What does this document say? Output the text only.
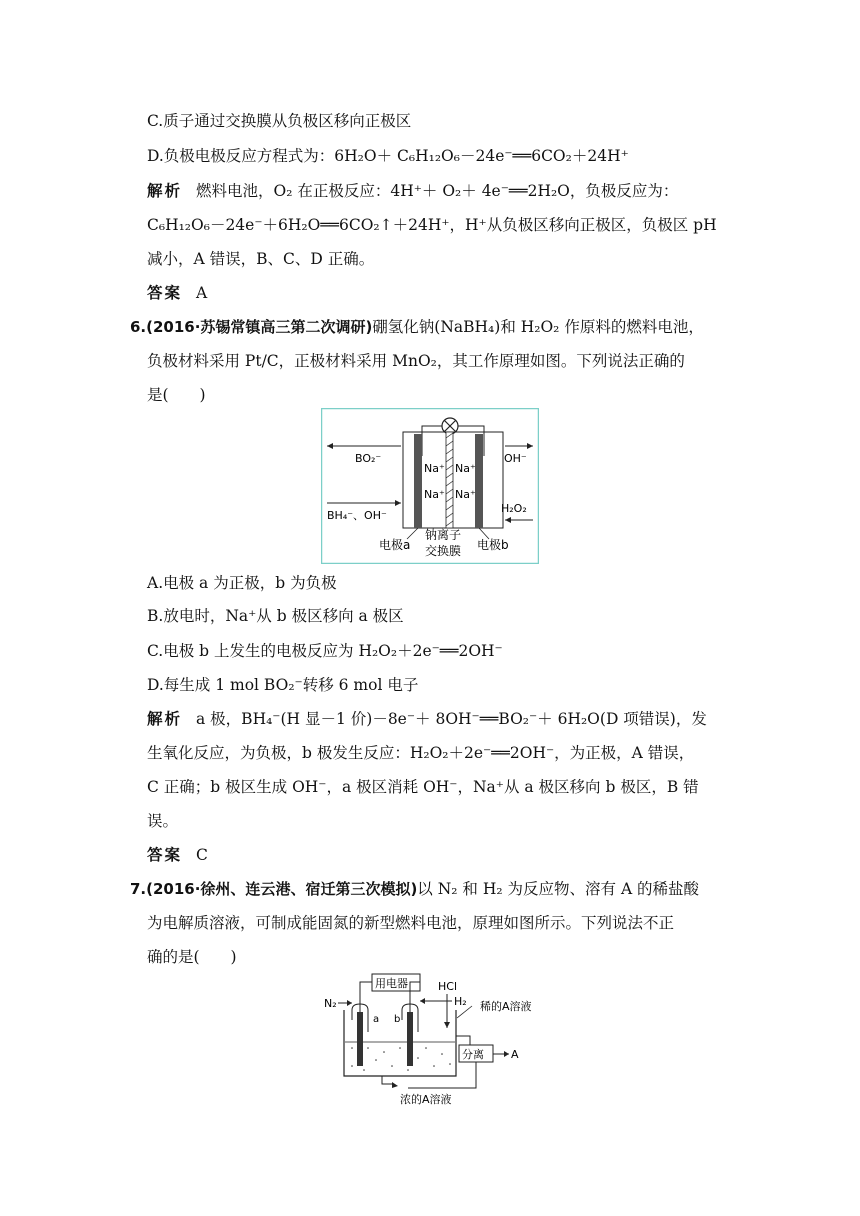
C.质子通过交换膜从负极区移向正极区
D.负极电极反应方程式为：6H₂O＋ C₆H₁₂O₆－24e⁻══6CO₂＋24H⁺
解析 燃料电池，O₂ 在正极反应：4H⁺＋ O₂＋ 4e⁻══2H₂O，负极反应为：
C₆H₁₂O₆－24e⁻＋6H₂O══6CO₂↑＋24H⁺，H⁺从负极区移向正极区，负极区 pH
减小，A 错误，B、C、D 正确。
答案 A
6.(2016·苏锡常镇高三第二次调研)硼氢化钠(NaBH₄)和 H₂O₂ 作原料的燃料电池，
负极材料采用 Pt/C，正极材料采用 MnO₂，其工作原理如图。下列说法正确的
是(　　)
Na⁺ Na⁺
Na⁺ Na⁺
BO₂⁻
BH₄⁻、OH⁻
OH⁻
H₂O₂
电极a
钠离子
交换膜 电极b
A.电极 a 为正极，b 为负极
B.放电时，Na⁺从 b 极区移向 a 极区
C.电极 b 上发生的电极反应为 H₂O₂＋2e⁻══2OH⁻
D.每生成 1 mol BO₂⁻转移 6 mol 电子
解析 a 极，BH₄⁻(H 显－1 价)－8e⁻＋ 8OH⁻══BO₂⁻＋ 6H₂O(D 项错误)，发
生氧化反应，为负极，b 极发生反应：H₂O₂＋2e⁻══2OH⁻，为正极，A 错误，
C 正确；b 极区生成 OH⁻，a 极区消耗 OH⁻，Na⁺从 a 极区移向 b 极区，B 错
误。
答案 C
7.(2016·徐州、连云港、宿迁第三次模拟)以 N₂ 和 H₂ 为反应物、溶有 A 的稀盐酸
为电解质溶液，可制成能固氮的新型燃料电池，原理如图所示。下列说法不正
确的是(　　)
用电器	HCl
稀的A溶液
a b
N₂	H₂
分离 A
浓的A溶液
